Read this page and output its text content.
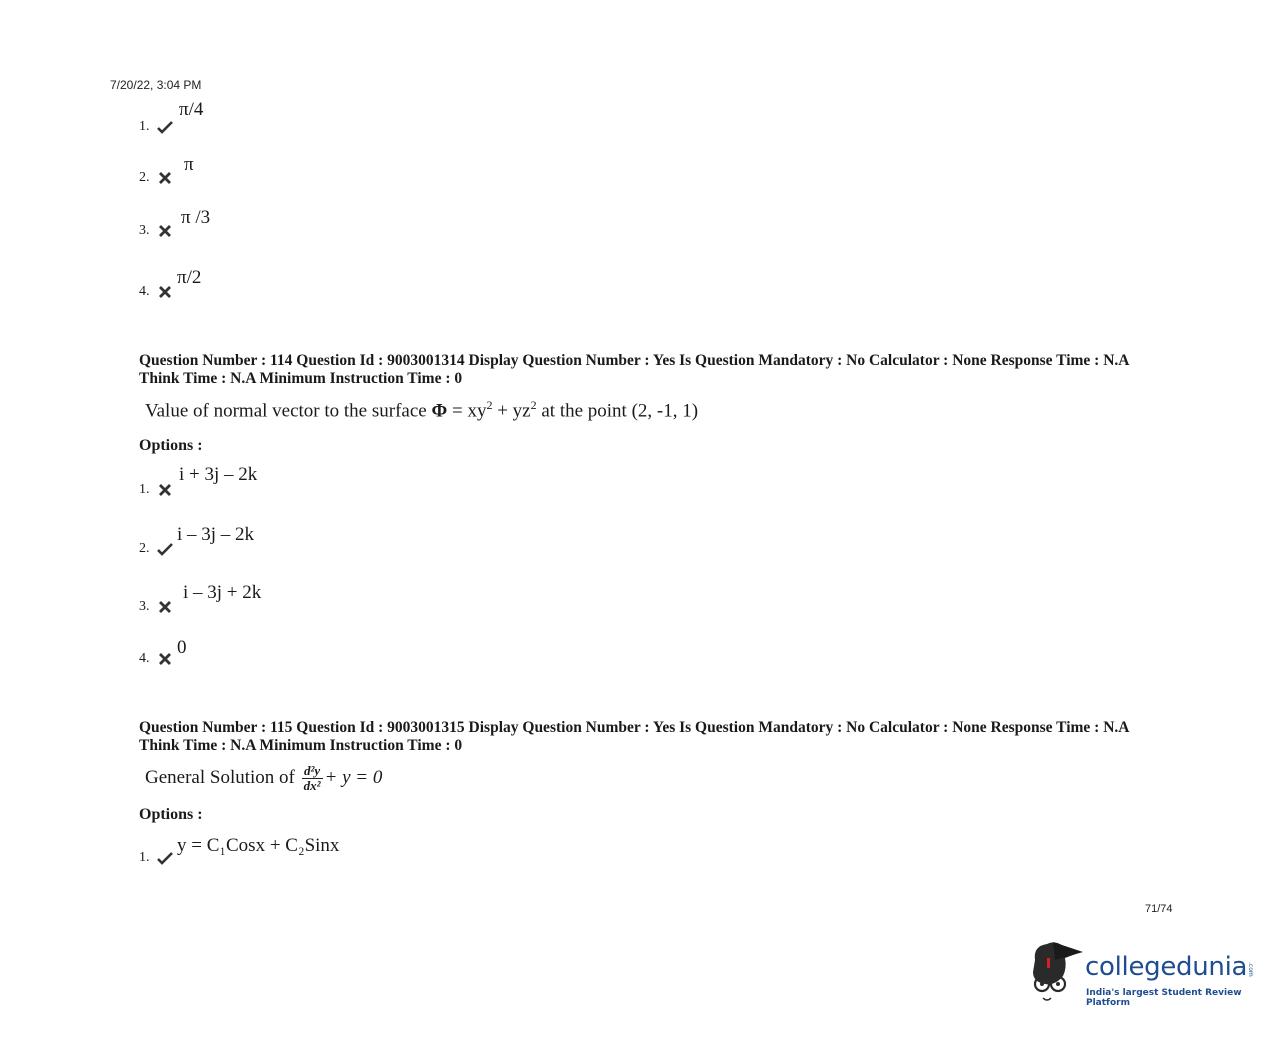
7/20/22, 3:04 PM
1.
π/4
2.
π
3.
π /3
4.
π/2
Question Number : 114 Question Id : 9003001314 Display Question Number : Yes Is Question Mandatory : No Calculator : None Response Time : N.A Think Time : N.A Minimum Instruction Time : 0
Value of normal vector to the surface $\Phi = xy^2 + yz^2$ at the point (2, -1, 1)
Options :
1.
i + 3j – 2k
2.
i – 3j – 2k
3.
i – 3j + 2k
4.
0
Question Number : 115 Question Id : 9003001315 Display Question Number : Yes Is Question Mandatory : No Calculator : None Response Time : N.A Think Time : N.A Minimum Instruction Time : 0
General Solution of $\frac{\text{d²y}}{\text{dx²}} + y = 0$
Options :
1.
y = C₁Cosx + C₂Sinx
71/74
collegedunia .com
India's largest Student Review Platform
